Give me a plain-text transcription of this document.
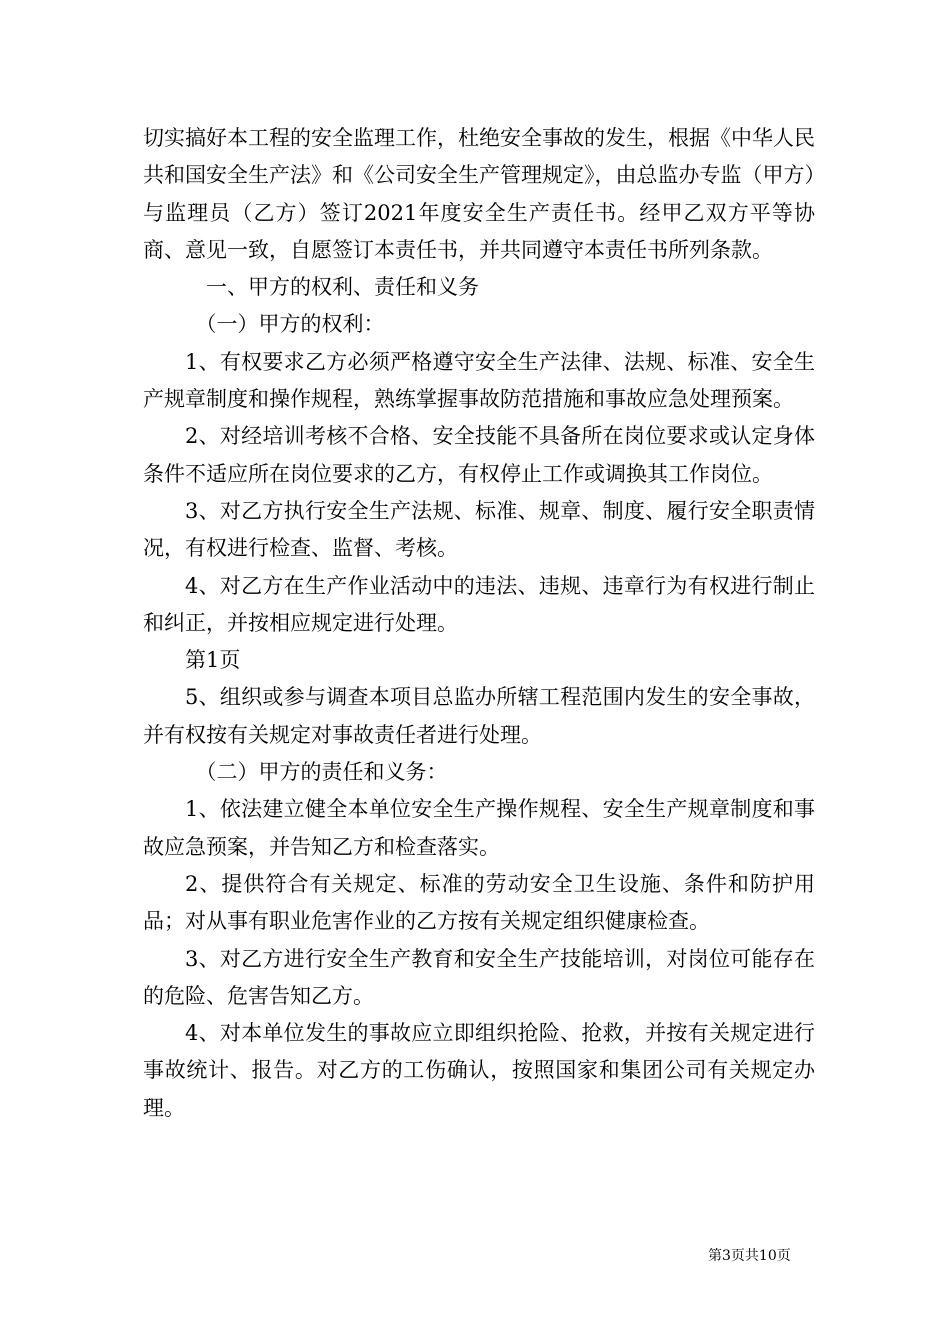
切实搞好本工程的安全监理工作，杜绝安全事故的发生，根据《中华人民共和国安全生产法》和《公司安全生产管理规定》，由总监办专监（甲方）与监理员（乙方）签订2021年度安全生产责任书。经甲乙双方平等协商、意见一致，自愿签订本责任书，并共同遵守本责任书所列条款。

一、甲方的权利、责任和义务

（一）甲方的权利：

1、有权要求乙方必须严格遵守安全生产法律、法规、标准、安全生产规章制度和操作规程，熟练掌握事故防范措施和事故应急处理预案。

2、对经培训考核不合格、安全技能不具备所在岗位要求或认定身体条件不适应所在岗位要求的乙方，有权停止工作或调换其工作岗位。

3、对乙方执行安全生产法规、标准、规章、制度、履行安全职责情况，有权进行检查、监督、考核。

4、对乙方在生产作业活动中的违法、违规、违章行为有权进行制止和纠正，并按相应规定进行处理。

第1页

5、组织或参与调查本项目总监办所辖工程范围内发生的安全事故，并有权按有关规定对事故责任者进行处理。

（二）甲方的责任和义务：

1、依法建立健全本单位安全生产操作规程、安全生产规章制度和事故应急预案，并告知乙方和检查落实。

2、提供符合有关规定、标准的劳动安全卫生设施、条件和防护用品；对从事有职业危害作业的乙方按有关规定组织健康检查。

3、对乙方进行安全生产教育和安全生产技能培训，对岗位可能存在的危险、危害告知乙方。

4、对本单位发生的事故应立即组织抢险、抢救，并按有关规定进行事故统计、报告。对乙方的工伤确认，按照国家和集团公司有关规定办理。

第3页共10页
